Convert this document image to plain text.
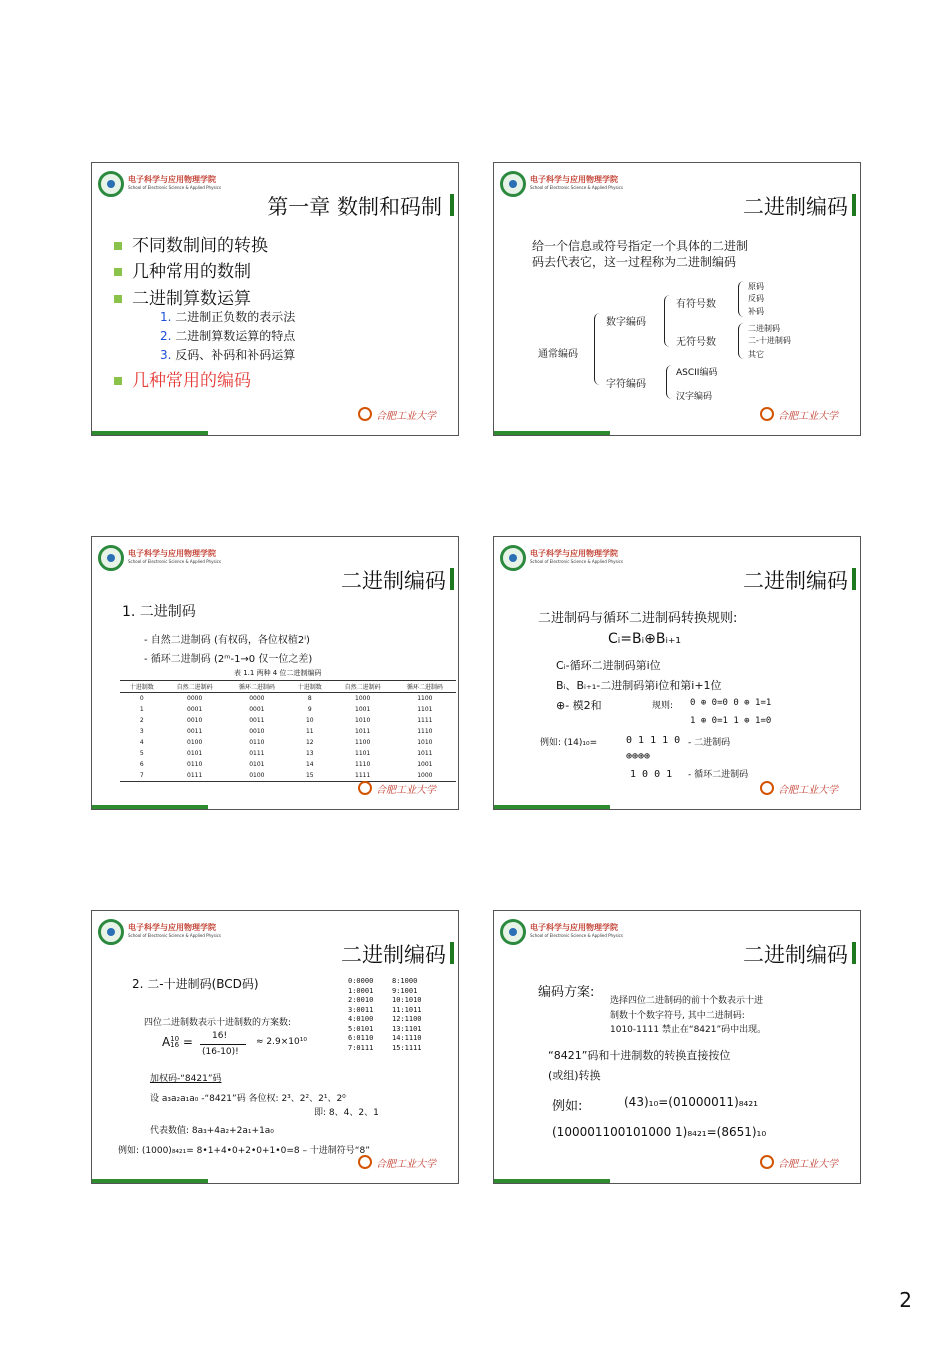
电子科学与应用物理学院
School of Electronic Science & Applied Physics
第一章 数制和码制
不同数制间的转换
几种常用的数制
二进制算数运算
1. 二进制正负数的表示法
2. 二进制算数运算的特点
3. 反码、补码和补码运算
几种常用的编码
合肥工业大学
电子科学与应用物理学院
School of Electronic Science & Applied Physics
二进制编码
给一个信息或符号指定一个具体的二进制
码去代表它，这一过程称为二进制编码
通常编码
数字编码
字符编码
有符号数
无符号数
原码
反码
补码
二进制码
二-十进制码
其它
ASCII编码
汉字编码
合肥工业大学
电子科学与应用物理学院
School of Electronic Science & Applied Physics
二进制编码
1. 二进制码
- 自然二进制码 (有权码，各位权植2ⁱ)
- 循环二进制码 (2ᵐ-1→0 仅一位之差)
表 1.1 两种 4 位二进制编码
十进制数	自然二进制码	循环二进制码	十进制数	自然二进制码	循环二进制码
0	0000	0000	8	1000	1100
1	0001	0001	9	1001	1101
2	0010	0011	10	1010	1111
3	0011	0010	11	1011	1110
4	0100	0110	12	1100	1010
5	0101	0111	13	1101	1011
6	0110	0101	14	1110	1001
7	0111	0100	15	1111	1000
合肥工业大学
电子科学与应用物理学院
School of Electronic Science & Applied Physics
二进制编码
二进制码与循环二进制码转换规则:
Cᵢ=Bᵢ⊕Bᵢ₊₁
Cᵢ-循环二进制码第i位
Bᵢ、Bᵢ₊₁-二进制码第i位和第i+1位
⊕- 模2和	规则: 0 ⊕ 0=0 0 ⊕ 1=1
1 ⊕ 0=1 1 ⊕ 1=0
例如: (14)₁₀=	0 1 1 1 0 - 二进制码
⊕⊕⊕⊕
1 0 0 1 - 循环二进制码
合肥工业大学
电子科学与应用物理学院
School of Electronic Science & Applied Physics
二进制编码
2. 二-十进制码(BCD码)
四位二进制数表示十进制数的方案数:
$A^{10}16 = 16$!
(16-10)!
≈ 2.9×10¹⁰
加权码-“8421”码
设 a₃a₂a₁a₀ -“8421”码 各位权: 2³、2²、2¹、2⁰
即: 8、4、2、1
代表数值: 8a₃+4a₂+2a₁+1a₀
例如: (1000)₈₄₂₁= 8•1+4•0+2•0+1•0=8 – 十进制符号“8”
0:0000
1:0001
2:0010
3:0011
4:0100
5:0101
6:0110
7:0111
8:1000
9:1001
10:1010
11:1011
12:1100
13:1101
14:1110
15:1111
合肥工业大学
电子科学与应用物理学院
School of Electronic Science & Applied Physics
二进制编码
编码方案:
选择四位二进制码的前十个数表示十进
制数十个数字符号, 其中二进制码:
1010-1111 禁止在“8421”码中出现。
“8421”码和十进制数的转换直接按位
(或组)转换
例如:	(43)₁₀=(01000011)₈₄₂₁
(100001100101000 1)₈₄₂₁=(8651)₁₀
合肥工业大学
2
